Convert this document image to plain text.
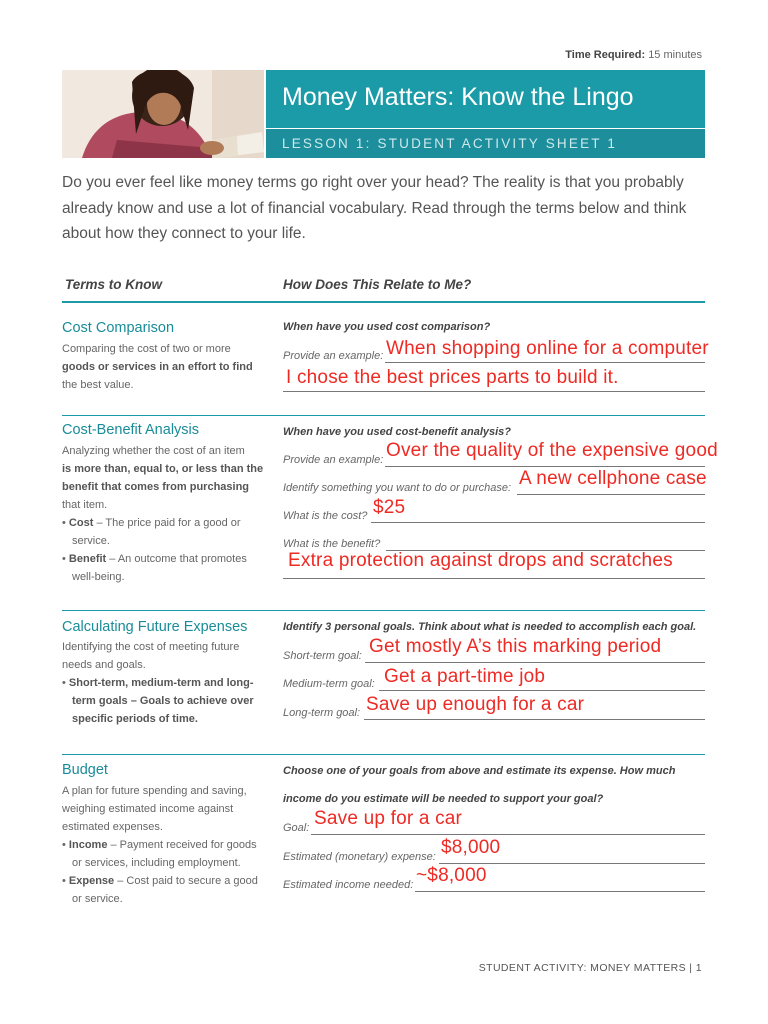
Time Required: 15 minutes
Money Matters: Know the Lingo
LESSON 1: STUDENT ACTIVITY SHEET 1
Do you ever feel like money terms go right over your head? The reality is that you probably already know and use a lot of financial vocabulary. Read through the terms below and think about how they connect to your life.
Terms to Know	How Does This Relate to Me?
Cost Comparison
Comparing the cost of two or more
goods or services in an effort to find
the best value.
When have you used cost comparison?
Provide an example: When shopping online for a computer
I chose the best prices parts to build it.
Cost-Benefit Analysis
Analyzing whether the cost of an item
is more than, equal to, or less than the benefit that comes from purchasing
that item.
• Cost – The price paid for a good or service.
• Benefit – An outcome that promotes well-being.
When have you used cost-benefit analysis?
Provide an example: Over the quality of the expensive good
Identify something you want to do or purchase: A new cellphone case
What is the cost? $25
What is the benefit?
Extra protection against drops and scratches
Calculating Future Expenses
Identifying the cost of meeting future needs and goals.
• Short-term, medium-term and long-term goals – Goals to achieve over specific periods of time.
Identify 3 personal goals. Think about what is needed to accomplish each goal.
Short-term goal: Get mostly A’s this marking period
Medium-term goal: Get a part-time job
Long-term goal: Save up enough for a car
Budget
A plan for future spending and saving, weighing estimated income against estimated expenses.
• Income – Payment received for goods or services, including employment.
• Expense – Cost paid to secure a good or service.
Choose one of your goals from above and estimate its expense. How much
income do you estimate will be needed to support your goal?
Goal: Save up for a car
Estimated (monetary) expense: $8,000
Estimated income needed: ~$8,000
STUDENT ACTIVITY: MONEY MATTERS | 1
